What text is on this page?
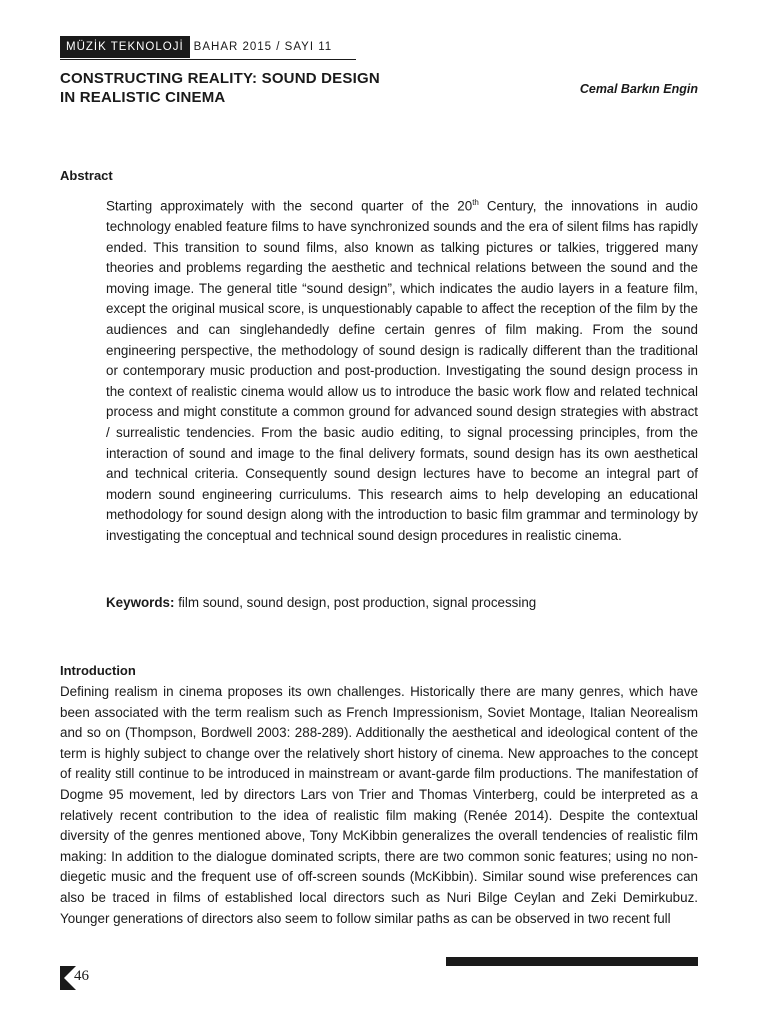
MÜZİK TEKNOLOJİ BAHAR 2015 / SAYI 11
CONSTRUCTING REALITY: SOUND DESIGN IN REALISTIC CINEMA	Cemal Barkın Engin
Abstract

Starting approximately with the second quarter of the 20th Century, the innovations in audio technology enabled feature films to have synchronized sounds and the era of silent films has rapidly ended. This transition to sound films, also known as talking pictures or talkies, triggered many theories and problems regarding the aesthetic and technical relations between the sound and the moving image. The general title “sound design”, which indicates the audio layers in a feature film, except the original musical score, is unquestionably capable to affect the reception of the film by the audiences and can singlehandedly define certain genres of film making. From the sound engineering perspective, the methodology of sound design is radically different than the traditional or contemporary music production and post-production. Investigating the sound design process in the context of realistic cinema would allow us to introduce the basic work flow and related technical process and might constitute a common ground for advanced sound design strategies with abstract / surrealistic tendencies. From the basic audio editing, to signal processing principles, from the interaction of sound and image to the final delivery formats, sound design has its own aesthetical and technical criteria. Consequently sound design lectures have to become an integral part of modern sound engineering curriculums. This research aims to help developing an educational methodology for sound design along with the introduction to basic film grammar and terminology by investigating the conceptual and technical sound design procedures in realistic cinema.

Keywords: film sound, sound design, post production, signal processing

Introduction

Defining realism in cinema proposes its own challenges. Historically there are many genres, which have been associated with the term realism such as French Impressionism, Soviet Montage, Italian Neorealism and so on (Thompson, Bordwell 2003: 288-289). Additionally the aesthetical and ideological content of the term is highly subject to change over the relatively short history of cinema. New approaches to the concept of reality still continue to be introduced in mainstream or avant-garde film productions. The manifestation of Dogme 95 movement, led by directors Lars von Trier and Thomas Vinterberg, could be interpreted as a relatively recent contribution to the idea of realistic film making (Renée 2014). Despite the contextual diversity of the genres mentioned above, Tony McKibbin generalizes the overall tendencies of realistic film making: In addition to the dialogue dominated scripts, there are two common sonic features; using no non-diegetic music and the frequent use of off-screen sounds (McKibbin). Similar sound wise preferences can also be traced in films of established local directors such as Nuri Bilge Ceylan and Zeki Demirkubuz. Younger generations of directors also seem to follow similar paths as can be observed in two recent full

46
